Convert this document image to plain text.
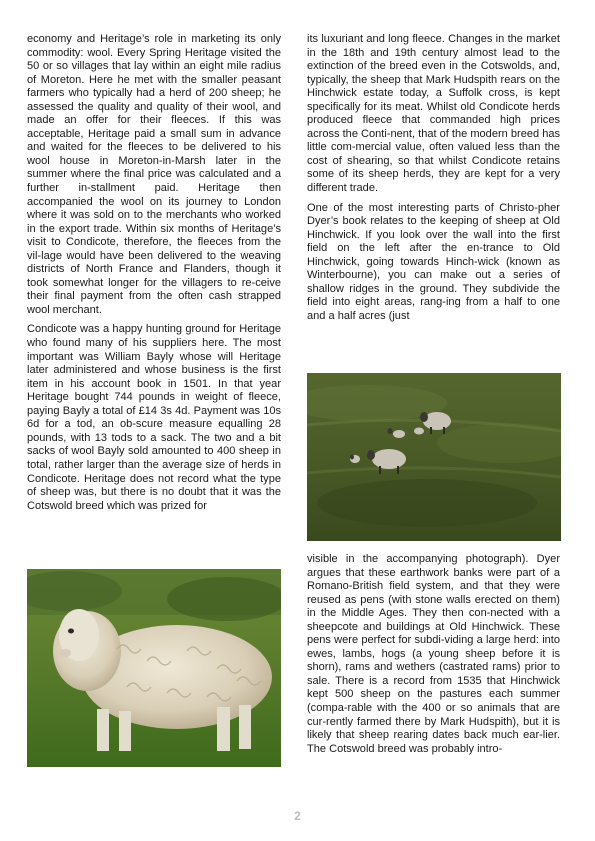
economy and Heritage’s role in marketing its only commodity: wool. Every Spring Heritage visited the 50 or so villages that lay within an eight mile radius of Moreton. Here he met with the smaller peasant farmers who typically had a herd of 200 sheep; he assessed the quality and quality of their wool, and made an offer for their fleeces. If this was acceptable, Heritage paid a small sum in advance and waited for the fleeces to be delivered to his wool house in Moreton-in-Marsh later in the summer where the final price was calculated and a further in-stallment paid. Heritage then accompanied the wool on its journey to London where it was sold on to the merchants who worked in the export trade. Within six months of Heritage’s visit to Condicote, therefore, the fleeces from the vil-lage would have been delivered to the weaving districts of North France and Flanders, though it took somewhat longer for the villagers to re-ceive their final payment from the often cash strapped wool merchant.

Condicote was a happy hunting ground for Heritage who found many of his suppliers here. The most important was William Bayly whose will Heritage later administered and whose business is the first item in his account book in 1501. In that year Heritage bought 744 pounds in weight of fleece, paying Bayly a total of £14 3s 4d. Payment was 10s 6d for a tod, an ob-scure measure equalling 28 pounds, with 13 tods to a sack. The two and a bit sacks of wool Bayly sold amounted to 400 sheep in total, rather larger than the average size of herds in Condicote. Heritage does not record what the type of sheep was, but there is no doubt that it was the Cotswold breed which was prized for

its luxuriant and long fleece. Changes in the market in the 18th and 19th century almost lead to the extinction of the breed even in the Cotswolds, and, typically, the sheep that Mark Hudspith rears on the Hinchwick estate today, a Suffolk cross, is kept specifically for its meat. Whilst old Condicote herds produced fleece that commanded high prices across the Conti-nent, that of the modern breed has little com-mercial value, often valued less than the cost of shearing, so that whilst Condicote retains some of its sheep herds, they are kept for a very different trade.

One of the most interesting parts of Christo-pher Dyer’s book relates to the keeping of sheep at Old Hinchwick. If you look over the wall into the first field on the left after the en-trance to Old Hinchwick, going towards Hinch-wick (known as Winterbourne), you can make out a series of shallow ridges in the ground. They subdivide the field into eight areas, rang-ing from a half to one and a half acres (just

visible in the accompanying photograph). Dyer argues that these earthwork banks were part of a Romano-British field system, and that they were reused as pens (with stone walls erected on them) in the Middle Ages. They then con-nected with a sheepcote and buildings at Old Hinchwick. These pens were perfect for subdi-viding a large herd: into ewes, lambs, hogs (a young sheep before it is shorn), rams and wethers (castrated rams) prior to sale. There is a record from 1535 that Hinchwick kept 500 sheep on the pastures each summer (compa-rable with the 400 or so animals that are cur-rently farmed there by Mark Hudspith), but it is likely that sheep rearing dates back much ear-lier. The Cotswold breed was probably intro-

2
